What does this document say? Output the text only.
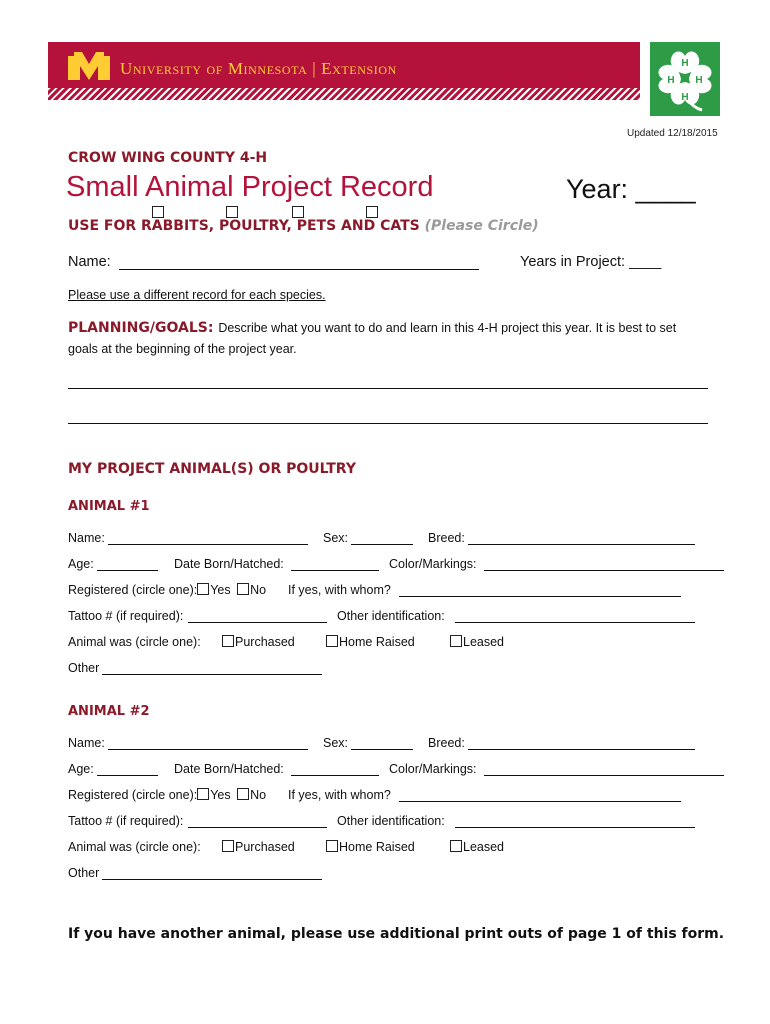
M University of Minnesota | Extension	H
H H
H
Updated 12/18/2015
CROW WING COUNTY 4-H
Small Animal Project Record	Year: ____
USE FOR RABBITS, POULTRY, PETS AND CATS (Please Circle)
Name:	Years in Project: ____
Please use a different record for each species.
PLANNING/GOALS: Describe what you want to do and learn in this 4-H project this year. It is best to set
goals at the beginning of the project year.
MY PROJECT ANIMAL(S) OR POULTRY
ANIMAL #1
Name:	Sex:	Breed:
Age:	Date Born/Hatched:	Color/Markings:
Registered (circle one): Yes No If yes, with whom?
Tattoo # (if required):	Other identification:
Animal was (circle one):	Purchased	Home Raised	Leased
Other
ANIMAL #2
Name:	Sex:	Breed:
Age:	Date Born/Hatched:	Color/Markings:
Registered (circle one): Yes No If yes, with whom?
Tattoo # (if required):	Other identification:
Animal was (circle one):	Purchased	Home Raised	Leased
Other
If you have another animal, please use additional print outs of page 1 of this form.
